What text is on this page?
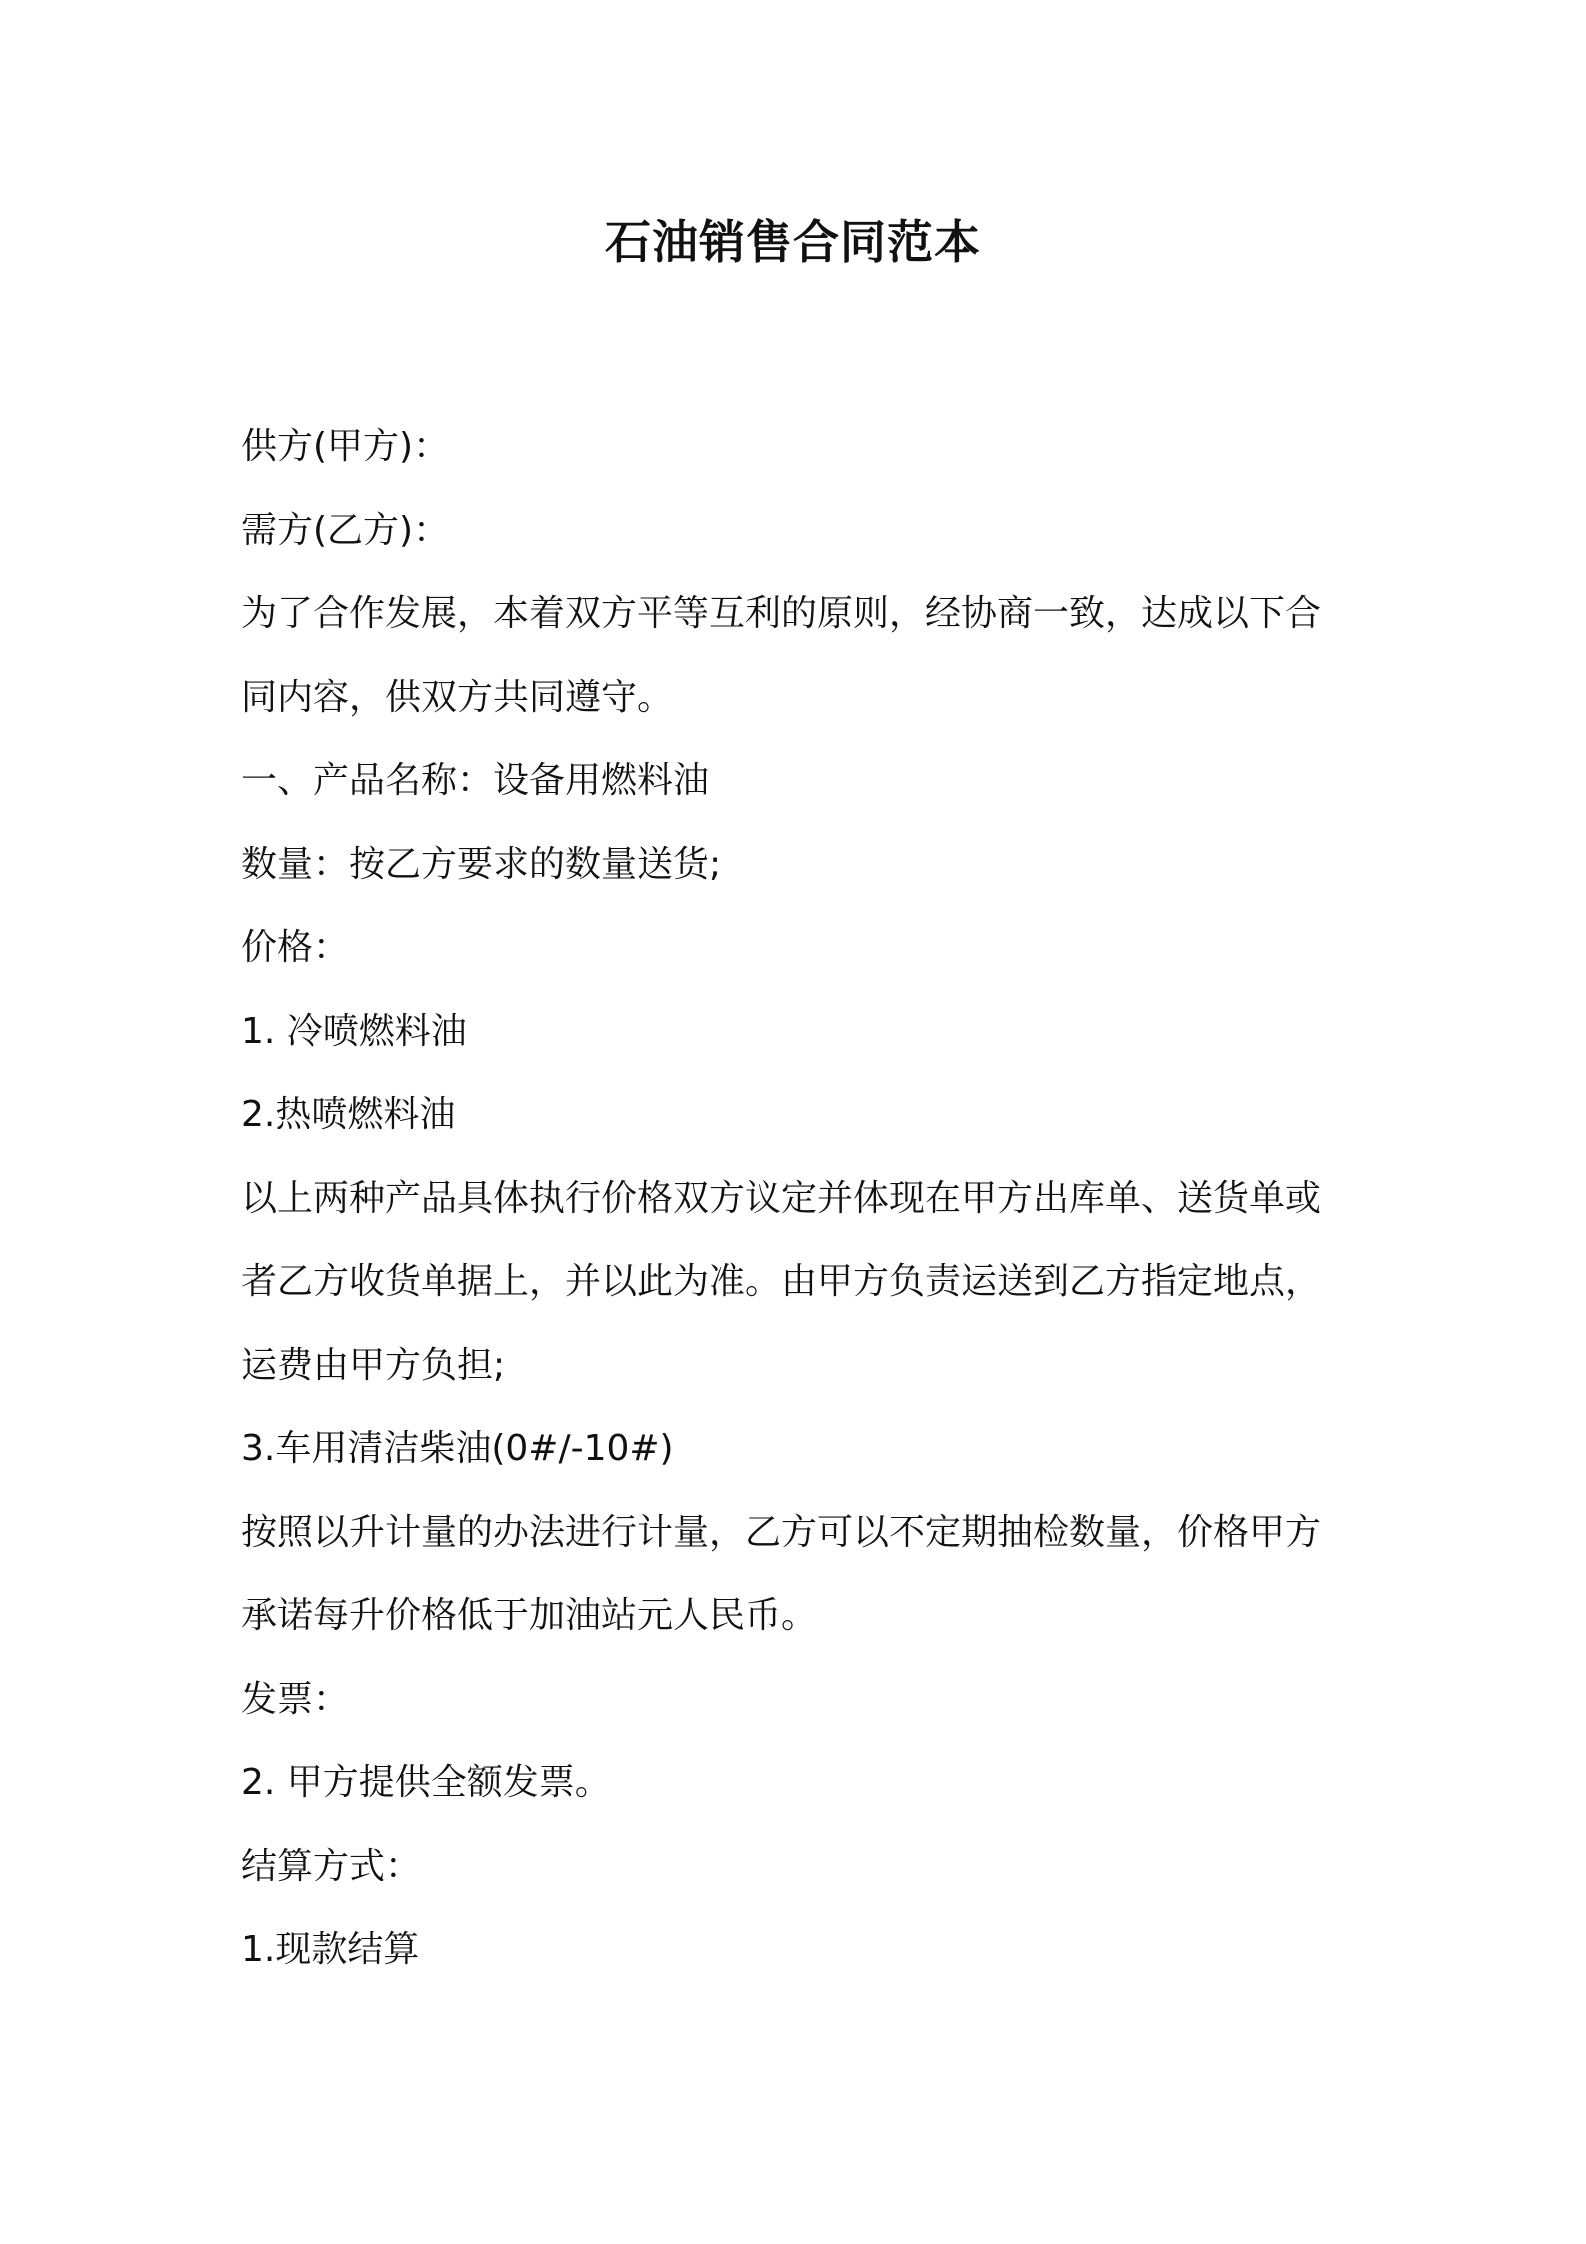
石油销售合同范本

供方(甲方)：

需方(乙方)：

为了合作发展，本着双方平等互利的原则，经协商一致，达成以下合

同内容，供双方共同遵守。

一、产品名称：设备用燃料油

数量：按乙方要求的数量送货;

价格：

1. 冷喷燃料油

2.热喷燃料油

以上两种产品具体执行价格双方议定并体现在甲方出库单、送货单或

者乙方收货单据上，并以此为准。由甲方负责运送到乙方指定地点，

运费由甲方负担;

3.车用清洁柴油(0#/-10#)

按照以升计量的办法进行计量，乙方可以不定期抽检数量，价格甲方

承诺每升价格低于加油站元人民币。

发票：

2. 甲方提供全额发票。

结算方式：

1.现款结算
